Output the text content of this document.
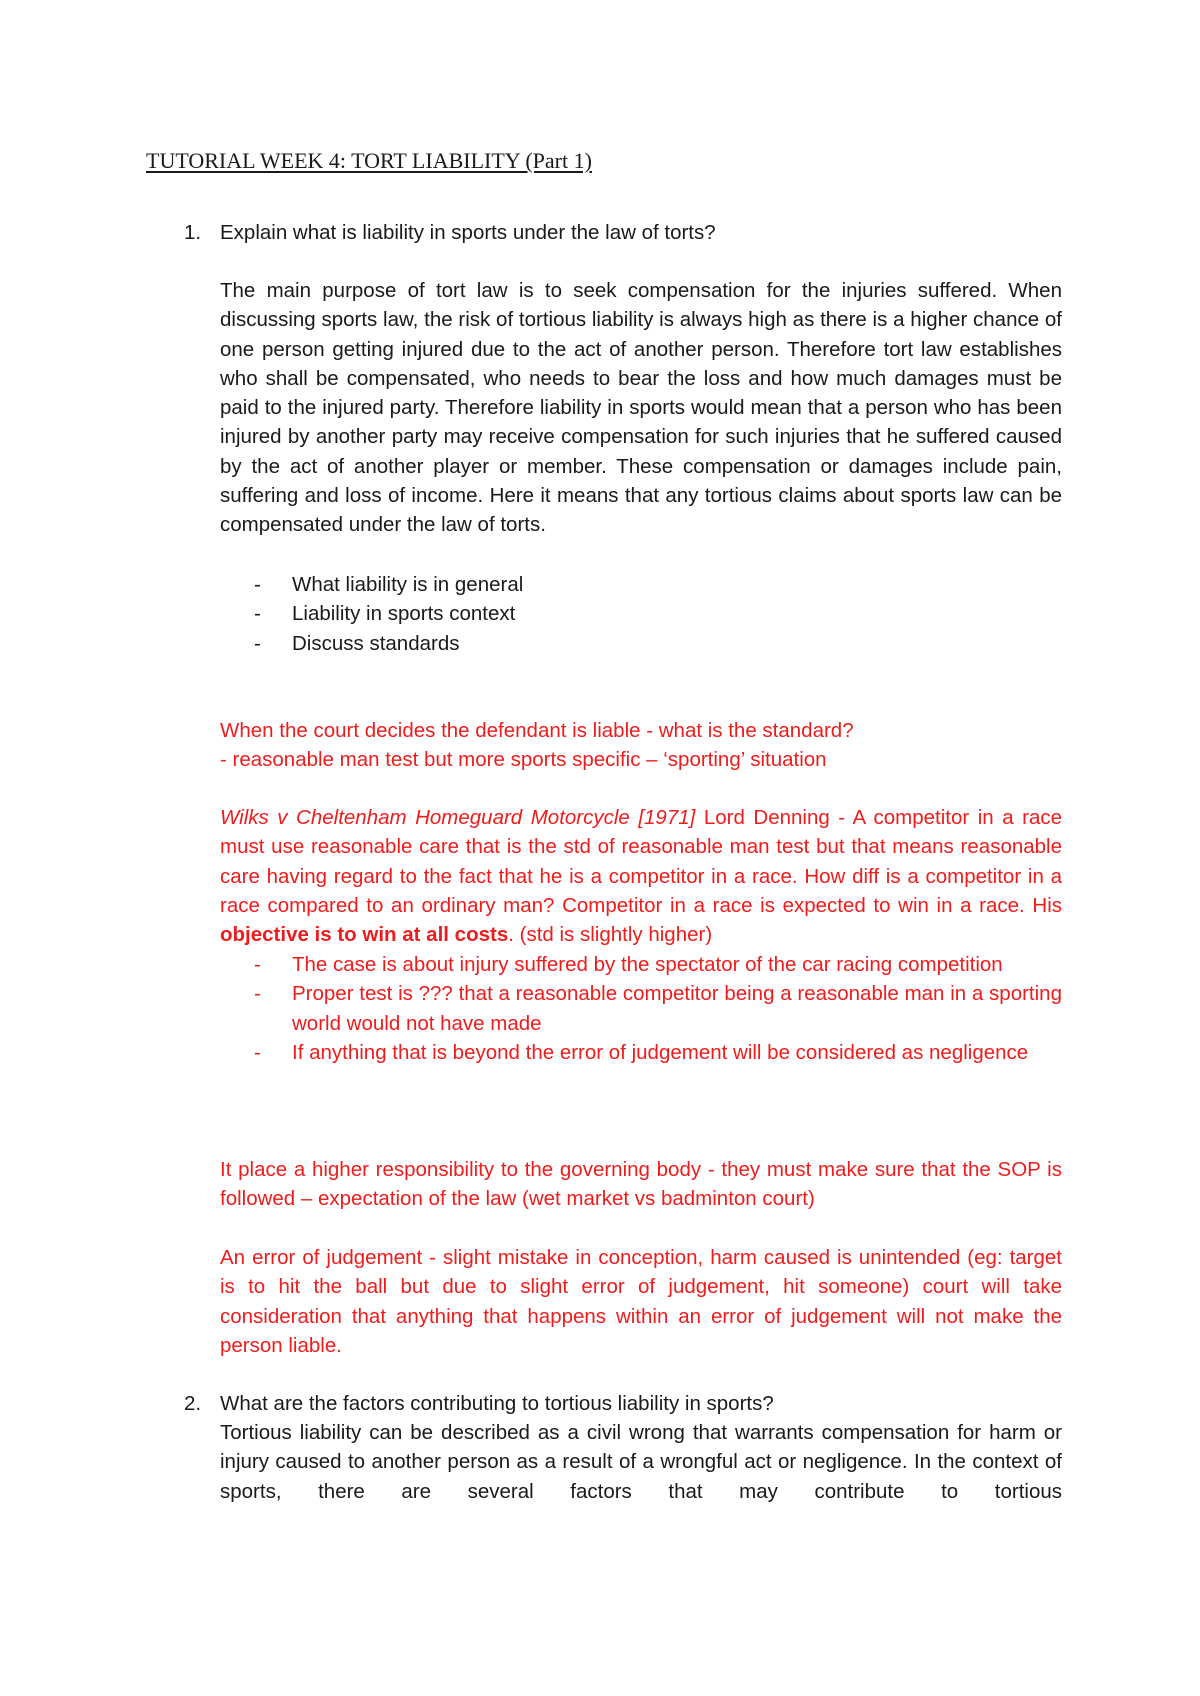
TUTORIAL WEEK 4: TORT LIABILITY (Part 1)
1. Explain what is liability in sports under the law of torts?

The main purpose of tort law is to seek compensation for the injuries suffered. When discussing sports law, the risk of tortious liability is always high as there is a higher chance of one person getting injured due to the act of another person. Therefore tort law establishes who shall be compensated, who needs to bear the loss and how much damages must be paid to the injured party. Therefore liability in sports would mean that a person who has been injured by another party may receive compensation for such injuries that he suffered caused by the act of another player or member. These compensation or damages include pain, suffering and loss of income. Here it means that any tortious claims about sports law can be compensated under the law of torts.

- What liability is in general
- Liability in sports context
- Discuss standards
When the court decides the defendant is liable - what is the standard?
- reasonable man test but more sports specific – ‘sporting’ situation

Wilks v Cheltenham Homeguard Motorcycle [1971] Lord Denning - A competitor in a race must use reasonable care that is the std of reasonable man test but that means reasonable care having regard to the fact that he is a competitor in a race. How diff is a competitor in a race compared to an ordinary man? Competitor in a race is expected to win in a race. His objective is to win at all costs. (std is slightly higher)

- The case is about injury suffered by the spectator of the car racing competition
- Proper test is ??? that a reasonable competitor being a reasonable man in a sporting world would not have made
- If anything that is beyond the error of judgement will be considered as negligence

It place a higher responsibility to the governing body - they must make sure that the SOP is followed – expectation of the law (wet market vs badminton court)

An error of judgement - slight mistake in conception, harm caused is unintended (eg: target is to hit the ball but due to slight error of judgement, hit someone) court will take consideration that anything that happens within an error of judgement will not make the person liable.

2. What are the factors contributing to tortious liability in sports?

Tortious liability can be described as a civil wrong that warrants compensation for harm or injury caused to another person as a result of a wrongful act or negligence. In the context of sports, there are several factors that may contribute to tortious
